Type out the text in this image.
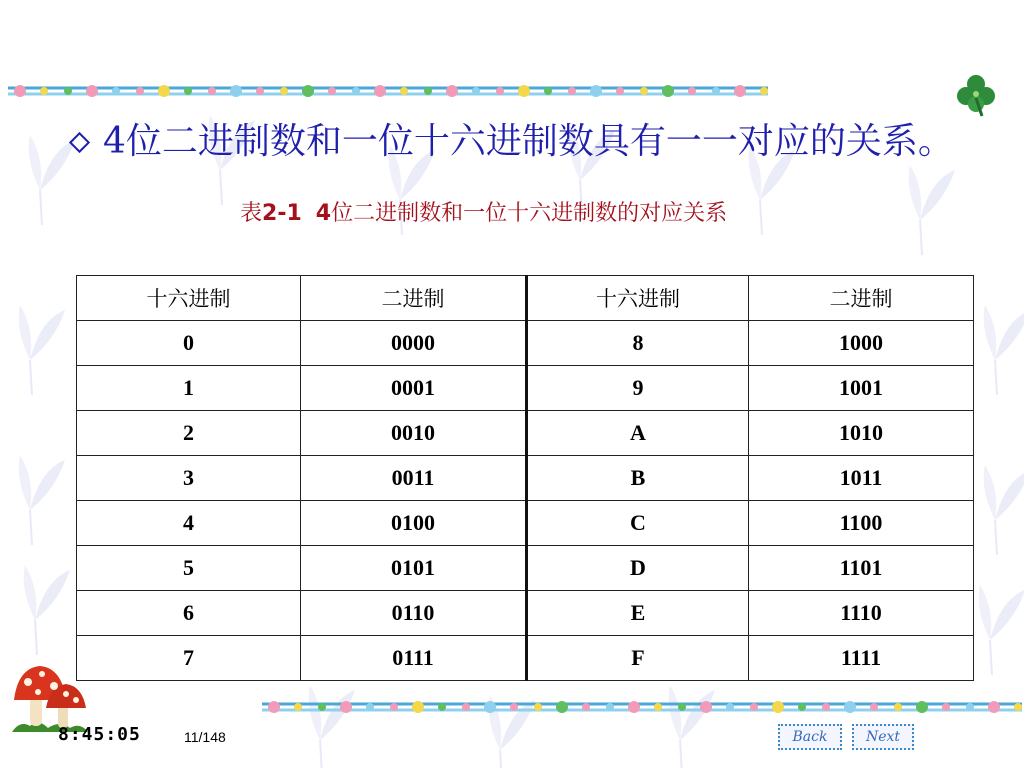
4位二进制数和一位十六进制数具有一一对应的关系。
表2-1 4位二进制数和一位十六进制数的对应关系
十六进制	二进制	十六进制	二进制
0	0000	8	1000
1	0001	9	1001
2	0010	A	1010
3	0011	B	1011
4	0100	C	1100
5	0101	D	1101
6	0110	E	1110
7	0111	F	1111
8:45:05	11/148	Back	Next
